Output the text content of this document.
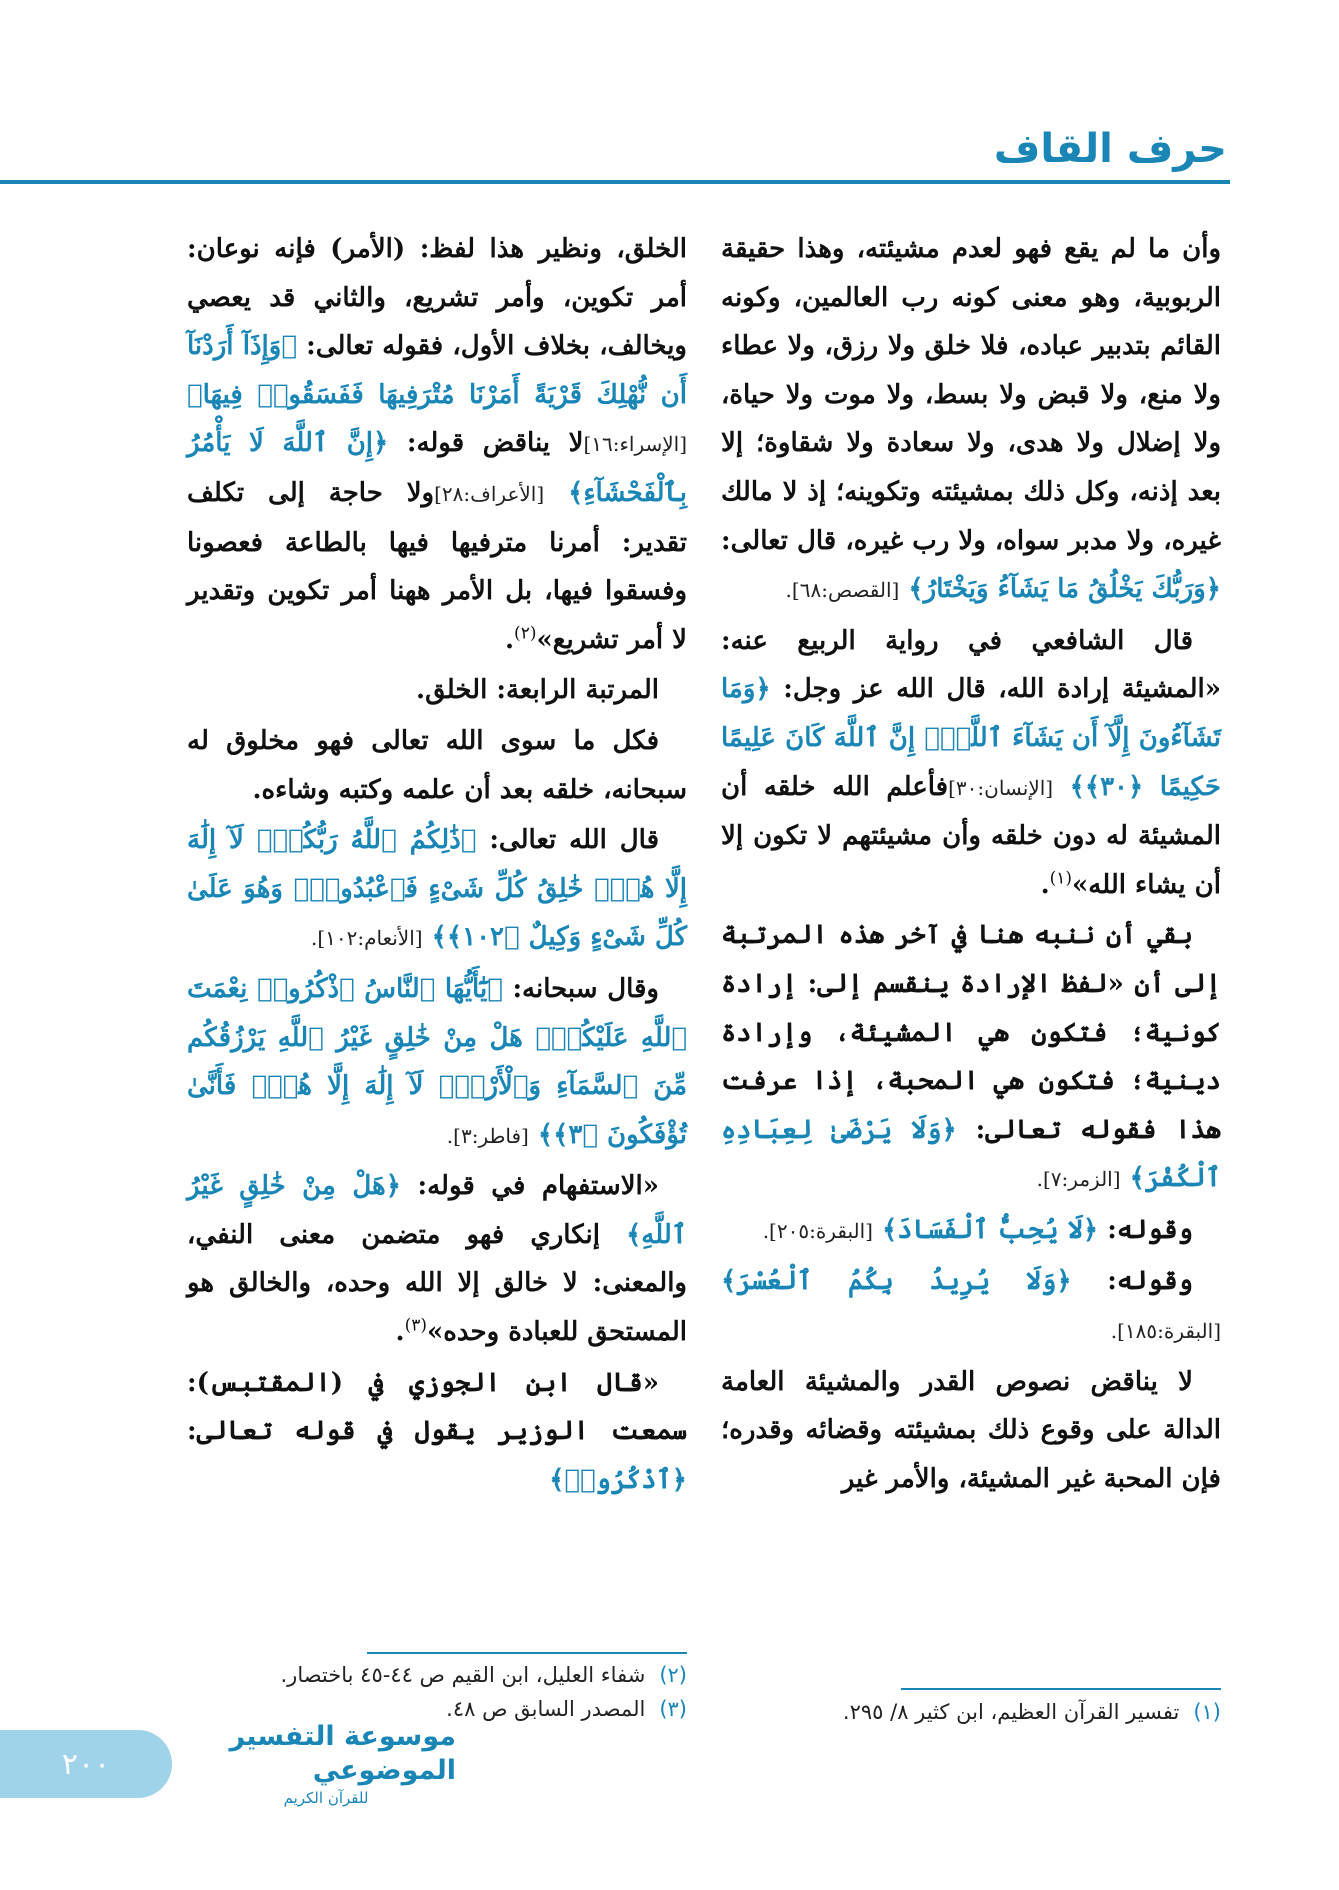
حرف القاف

وأن ما لم يقع فهو لعدم مشيئته، وهذا حقيقة الربوبية، وهو معنى كونه رب العالمين، وكونه القائم بتدبير عباده، فلا خلق ولا رزق، ولا عطاء ولا منع، ولا قبض ولا بسط، ولا موت ولا حياة، ولا إضلال ولا هدى، ولا سعادة ولا شقاوة؛ إلا بعد إذنه، وكل ذلك بمشيئته وتكوينه؛ إذ لا مالك غيره، ولا مدبر سواه، ولا رب غيره، قال تعالى: ﴿وَرَبُّكَ يَخْلُقُ مَا يَشَآءُ وَيَخْتَارُ﴾ [القصص:٦٨].

قال الشافعي في رواية الربيع عنه: «المشيئة إرادة الله، قال الله عز وجل: ﴿وَمَا تَشَآءُونَ إِلَّآ أَن يَشَآءَ ٱللَّهُۚ إِنَّ ٱللَّهَ كَانَ عَلِيمًا حَكِيمًا ﴿٣٠﴾﴾ [الإنسان:٣٠]فأعلم الله خلقه أن المشيئة له دون خلقه وأن مشيئتهم لا تكون إلا أن يشاء الله»$^{(١)}$.

بقي أن ننبه هنا في آخر هذه المرتبة إلى أن «لفظ الإرادة ينقسم إلى: إرادة كونية؛ فتكون هي المشيئة، وإرادة دينية؛ فتكون هي المحبة، إذا عرفت هذا فقوله تعالى: ﴿وَلَا يَرْضَىٰ لِعِبَادِهِ ٱلْكُفْرَ﴾ [الزمر:٧].

وقوله: ﴿لَا يُحِبُّ ٱلْفَسَادَ﴾ [البقرة:٢٠٥].

وقوله: ﴿وَلَا يُرِيدُ بِكُمُ ٱلْعُسْرَ﴾ [البقرة:١٨٥].

لا يناقض نصوص القدر والمشيئة العامة الدالة على وقوع ذلك بمشيئته وقضائه وقدره؛ فإن المحبة غير المشيئة، والأمر غير

الخلق، ونظير هذا لفظ: (الأمر) فإنه نوعان: أمر تكوين، وأمر تشريع، والثاني قد يعصي ويخالف، بخلاف الأول، فقوله تعالى: ﴿وَإِذَآ أَرَدْنَآ أَن نُّهْلِكَ قَرْيَةً أَمَرْنَا مُتْرَفِيهَا فَفَسَقُوا۟ فِيهَا﴾ [الإسراء:١٦]لا يناقض قوله: ﴿إِنَّ ٱللَّهَ لَا يَأْمُرُ بِٱلْفَحْشَآءِ﴾ [الأعراف:٢٨]ولا حاجة إلى تكلف تقدير: أمرنا مترفيها فيها بالطاعة فعصونا وفسقوا فيها، بل الأمر ههنا أمر تكوين وتقدير لا أمر تشريع»$^{(٢)}$.

المرتبة الرابعة: الخلق.

فكل ما سوى الله تعالى فهو مخلوق له سبحانه، خلقه بعد أن علمه وكتبه وشاءه.

قال الله تعالى: ﴿ذَٰلِكُمُ ٱللَّهُ رَبُّكُمْۖ لَآ إِلَٰهَ إِلَّا هُوَۖ خَٰلِقُ كُلِّ شَىْءٍ فَٱعْبُدُوهُۚ وَهُوَ عَلَىٰ كُلِّ شَىْءٍ وَكِيلٌ ﴿١٠٢﴾﴾ [الأنعام:١٠٢].

وقال سبحانه: ﴿يَٰٓأَيُّهَا ٱلنَّاسُ ٱذْكُرُوا۟ نِعْمَتَ ٱللَّهِ عَلَيْكُمْۚ هَلْ مِنْ خَٰلِقٍ غَيْرُ ٱللَّهِ يَرْزُقُكُم مِّنَ ٱلسَّمَآءِ وَٱلْأَرْضِۚ لَآ إِلَٰهَ إِلَّا هُوَۖ فَأَنَّىٰ تُؤْفَكُونَ ﴿٣﴾﴾ [فاطر:٣].

«الاستفهام في قوله: ﴿هَلْ مِنْ خَٰلِقٍ غَيْرُ ٱللَّهِ﴾ إنكاري فهو متضمن معنى النفي، والمعنى: لا خالق إلا الله وحده، والخالق هو المستحق للعبادة وحده»$^{(٣)}$.

«قال ابن الجوزي في (المقتبس): سمعت الوزير يقول في قوله تعالى: ﴿ٱذْكُرُوا۟﴾

(١)تفسير القرآن العظيم، ابن كثير ٨/ ٢٩٥.
(٢)شفاء العليل، ابن القيم ص ٤٤-٤٥ باختصار.
(٣)المصدر السابق ص ٤٨.
٢٠٠
موسوعة التفسير الموضوعي
للقرآن الكريم
